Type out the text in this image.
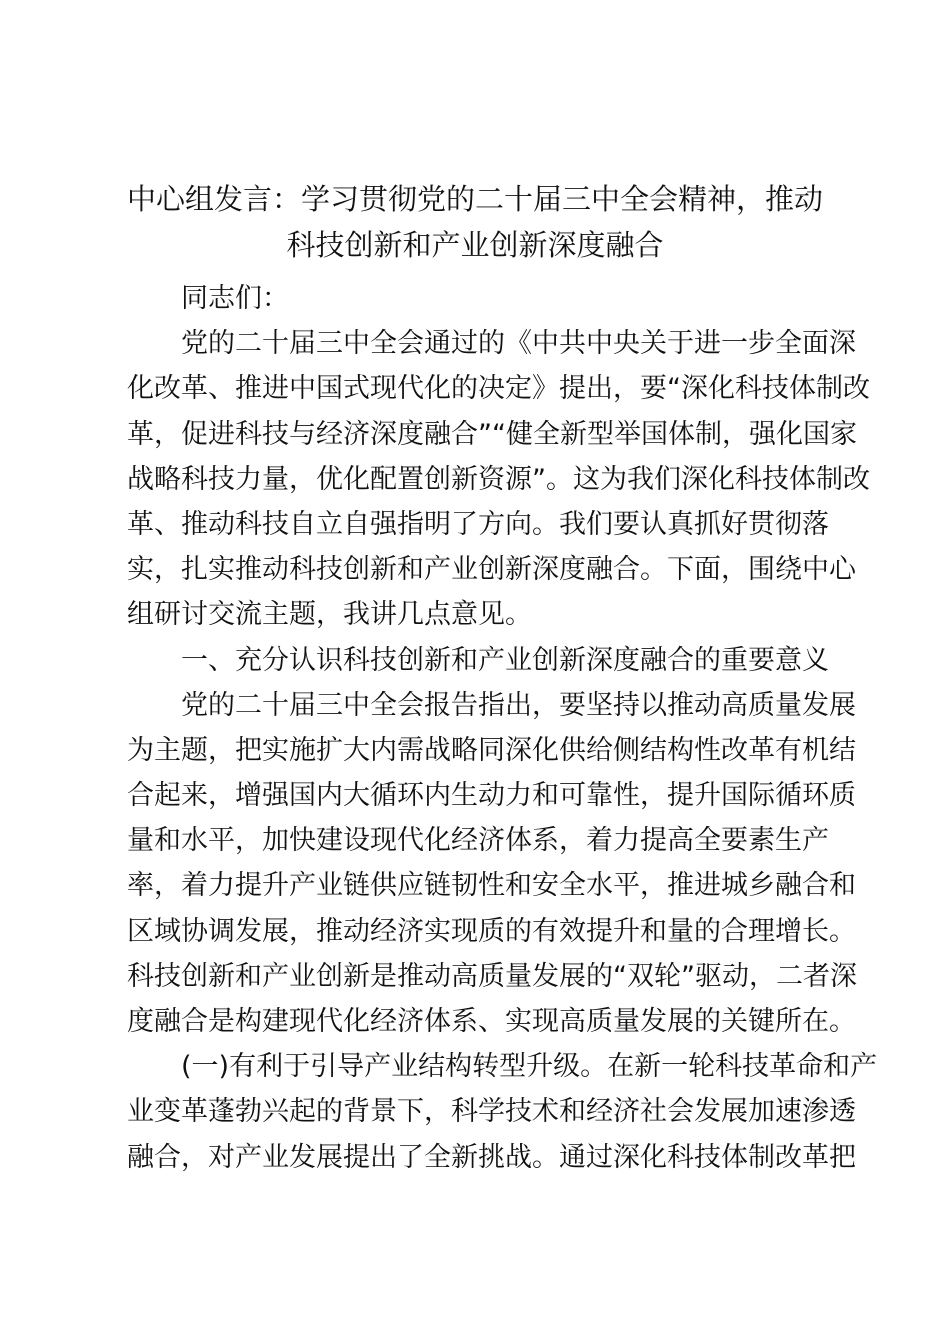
中心组发言：学习贯彻党的二十届三中全会精神，推动
科技创新和产业创新深度融合
同志们：
党的二十届三中全会通过的《中共中央关于进一步全面深
化改革、推进中国式现代化的决定》提出，要“深化科技体制改
革，促进科技与经济深度融合”“健全新型举国体制，强化国家
战略科技力量，优化配置创新资源”。这为我们深化科技体制改
革、推动科技自立自强指明了方向。我们要认真抓好贯彻落
实，扎实推动科技创新和产业创新深度融合。下面，围绕中心
组研讨交流主题，我讲几点意见。
一、充分认识科技创新和产业创新深度融合的重要意义
党的二十届三中全会报告指出，要坚持以推动高质量发展
为主题，把实施扩大内需战略同深化供给侧结构性改革有机结
合起来，增强国内大循环内生动力和可靠性，提升国际循环质
量和水平，加快建设现代化经济体系，着力提高全要素生产
率，着力提升产业链供应链韧性和安全水平，推进城乡融合和
区域协调发展，推动经济实现质的有效提升和量的合理增长。
科技创新和产业创新是推动高质量发展的“双轮”驱动，二者深
度融合是构建现代化经济体系、实现高质量发展的关键所在。
(一)有利于引导产业结构转型升级。在新一轮科技革命和产
业变革蓬勃兴起的背景下，科学技术和经济社会发展加速渗透
融合，对产业发展提出了全新挑战。通过深化科技体制改革把
